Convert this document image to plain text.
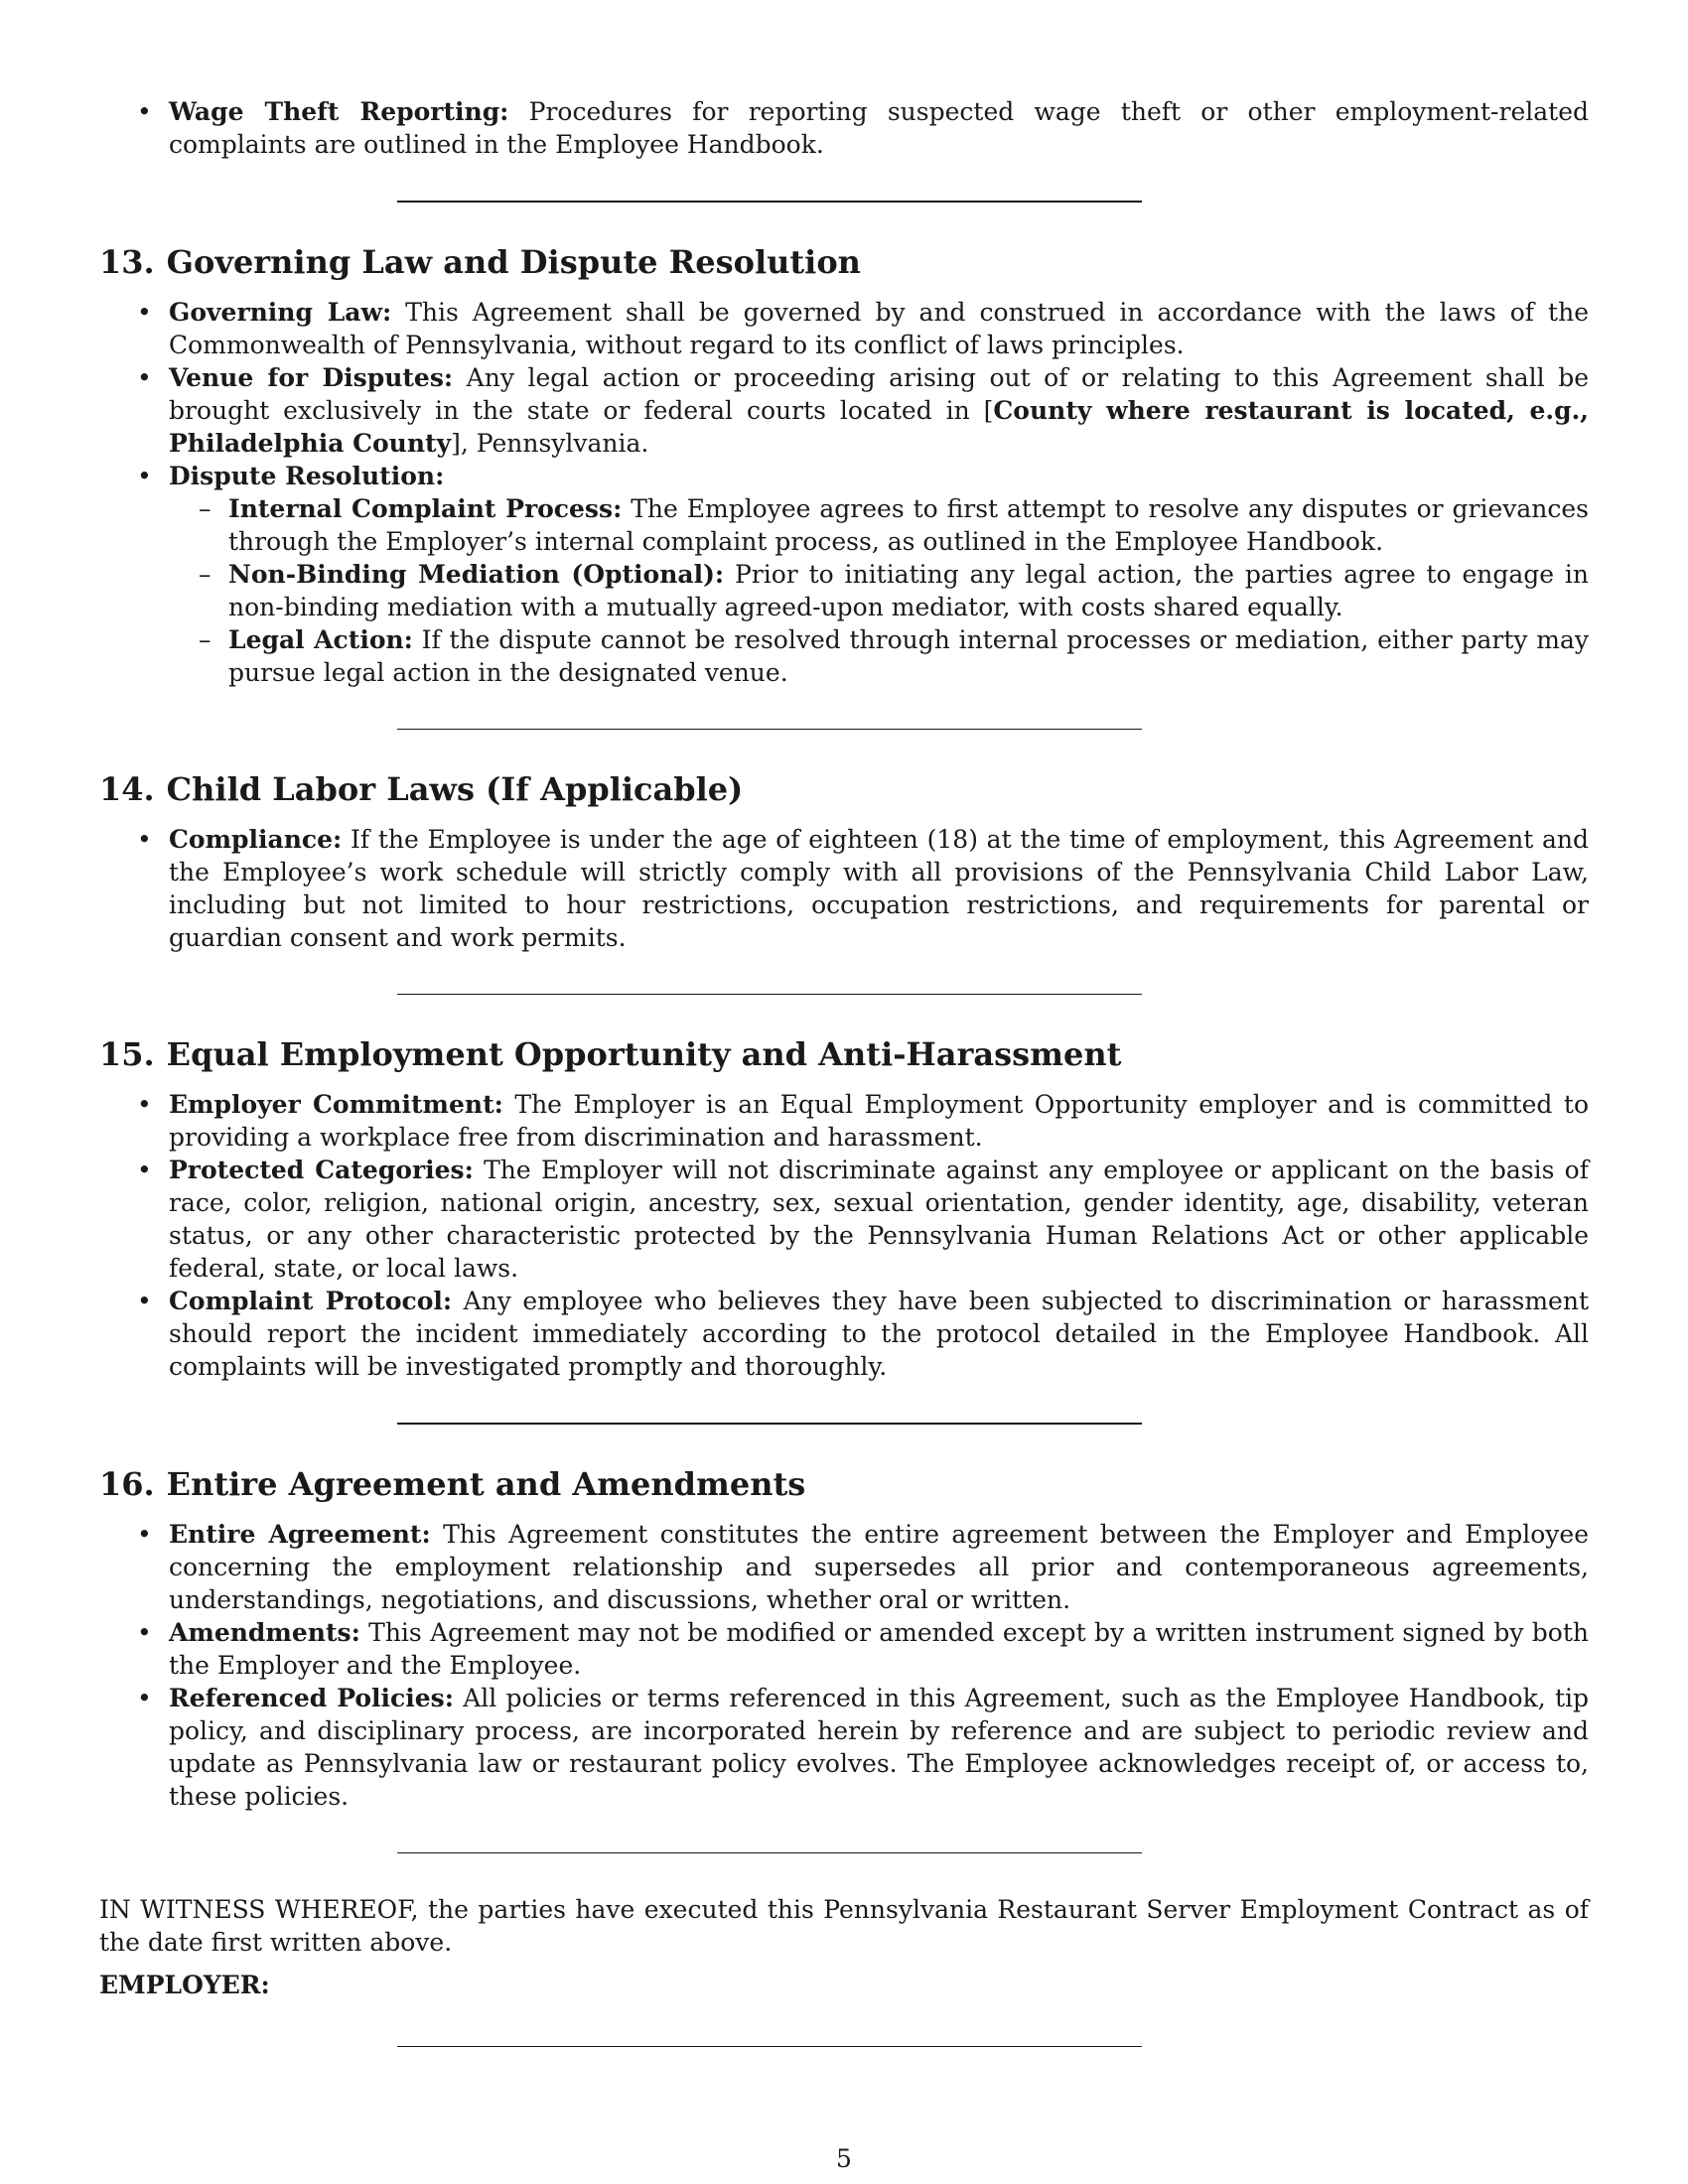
• Wage Theft Reporting: Procedures for reporting suspected wage theft or other employment-related complaints are outlined in the Employee Handbook.
13. Governing Law and Dispute Resolution
• Governing Law: This Agreement shall be governed by and construed in accordance with the laws of the Commonwealth of Pennsylvania, without regard to its conflict of laws principles.
• Venue for Disputes: Any legal action or proceeding arising out of or relating to this Agreement shall be brought exclusively in the state or federal courts located in [County where restaurant is located, e.g., Philadelphia County], Pennsylvania.
• Dispute Resolution:
– Internal Complaint Process: The Employee agrees to first attempt to resolve any disputes or grievances through the Employer’s internal complaint process, as outlined in the Employee Handbook.
– Non-Binding Mediation (Optional): Prior to initiating any legal action, the parties agree to engage in non-binding mediation with a mutually agreed-upon mediator, with costs shared equally.
– Legal Action: If the dispute cannot be resolved through internal processes or mediation, either party may pursue legal action in the designated venue.
14. Child Labor Laws (If Applicable)
• Compliance: If the Employee is under the age of eighteen (18) at the time of employment, this Agreement and the Employee’s work schedule will strictly comply with all provisions of the Pennsylvania Child Labor Law, including but not limited to hour restrictions, occupation restrictions, and requirements for parental or guardian consent and work permits.
15. Equal Employment Opportunity and Anti-Harassment
• Employer Commitment: The Employer is an Equal Employment Opportunity employer and is committed to providing a workplace free from discrimination and harassment.
• Protected Categories: The Employer will not discriminate against any employee or applicant on the basis of race, color, religion, national origin, ancestry, sex, sexual orientation, gender identity, age, disability, veteran status, or any other characteristic protected by the Pennsylvania Human Relations Act or other applicable federal, state, or local laws.
• Complaint Protocol: Any employee who believes they have been subjected to discrimination or harassment should report the incident immediately according to the protocol detailed in the Employee Handbook. All complaints will be investigated promptly and thoroughly.
16. Entire Agreement and Amendments
• Entire Agreement: This Agreement constitutes the entire agreement between the Employer and Employee concerning the employment relationship and supersedes all prior and contemporaneous agreements, understandings, negotiations, and discussions, whether oral or written.
• Amendments: This Agreement may not be modified or amended except by a written instrument signed by both the Employer and the Employee.
• Referenced Policies: All policies or terms referenced in this Agreement, such as the Employee Handbook, tip policy, and disciplinary process, are incorporated herein by reference and are subject to periodic review and update as Pennsylvania law or restaurant policy evolves. The Employee acknowledges receipt of, or access to, these policies.

IN WITNESS WHEREOF, the parties have executed this Pennsylvania Restaurant Server Employment Contract as of the date first written above.

EMPLOYER:

5
